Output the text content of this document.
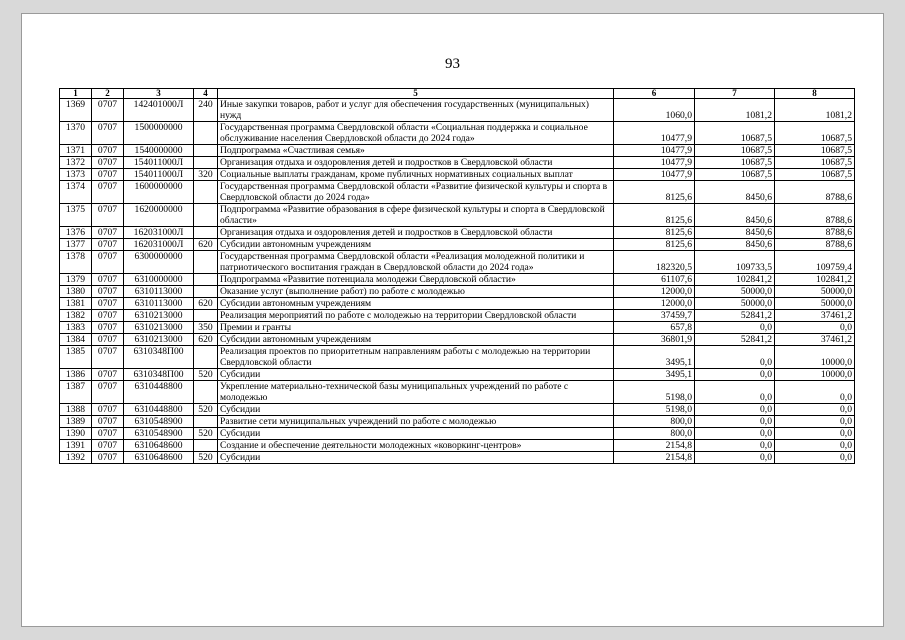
93
1	2	3	4	5	6	7	8
1369	0707	142401000Л	240	Иные закупки товаров, работ и услуг для обеспечения государственных (муниципальных) нужд	1060,0	1081,2	1081,2
1370	0707	1500000000		Государственная программа Свердловской области «Социальная поддержка и социальное обслуживание населения Свердловской области до 2024 года»	10477,9	10687,5	10687,5
1371	0707	1540000000		Подпрограмма «Счастливая семья»	10477,9	10687,5	10687,5
1372	0707	154011000Л		Организация отдыха и оздоровления детей и подростков в Свердловской области	10477,9	10687,5	10687,5
1373	0707	154011000Л	320	Социальные выплаты гражданам, кроме публичных нормативных социальных выплат	10477,9	10687,5	10687,5
1374	0707	1600000000		Государственная программа Свердловской области «Развитие физической культуры и спорта в Свердловской области до 2024 года»	8125,6	8450,6	8788,6
1375	0707	1620000000		Подпрограмма «Развитие образования в сфере физической культуры и спорта в Свердловской области»	8125,6	8450,6	8788,6
1376	0707	162031000Л		Организация отдыха и оздоровления детей и подростков в Свердловской области	8125,6	8450,6	8788,6
1377	0707	162031000Л	620	Субсидии автономным учреждениям	8125,6	8450,6	8788,6
1378	0707	6300000000		Государственная программа Свердловской области «Реализация молодежной политики и патриотического воспитания граждан в Свердловской области до 2024 года»	182320,5	109733,5	109759,4
1379	0707	6310000000		Подпрограмма «Развитие потенциала молодежи Свердловской области»	61107,6	102841,2	102841,2
1380	0707	6310113000		Оказание услуг (выполнение работ) по работе с молодежью	12000,0	50000,0	50000,0
1381	0707	6310113000	620	Субсидии автономным учреждениям	12000,0	50000,0	50000,0
1382	0707	6310213000		Реализация мероприятий по работе с молодежью на территории Свердловской области	37459,7	52841,2	37461,2
1383	0707	6310213000	350	Премии и гранты	657,8	0,0	0,0
1384	0707	6310213000	620	Субсидии автономным учреждениям	36801,9	52841,2	37461,2
1385	0707	6310348П00		Реализация проектов по приоритетным направлениям работы с молодежью на территории Свердловской области	3495,1	0,0	10000,0
1386	0707	6310348П00	520	Субсидии	3495,1	0,0	10000,0
1387	0707	6310448800		Укрепление материально-технической базы муниципальных учреждений по работе с молодежью	5198,0	0,0	0,0
1388	0707	6310448800	520	Субсидии	5198,0	0,0	0,0
1389	0707	6310548900		Развитие сети муниципальных учреждений по работе с молодежью	800,0	0,0	0,0
1390	0707	6310548900	520	Субсидии	800,0	0,0	0,0
1391	0707	6310648600		Создание и обеспечение деятельности молодежных «коворкинг-центров»	2154,8	0,0	0,0
1392	0707	6310648600	520	Субсидии	2154,8	0,0	0,0
